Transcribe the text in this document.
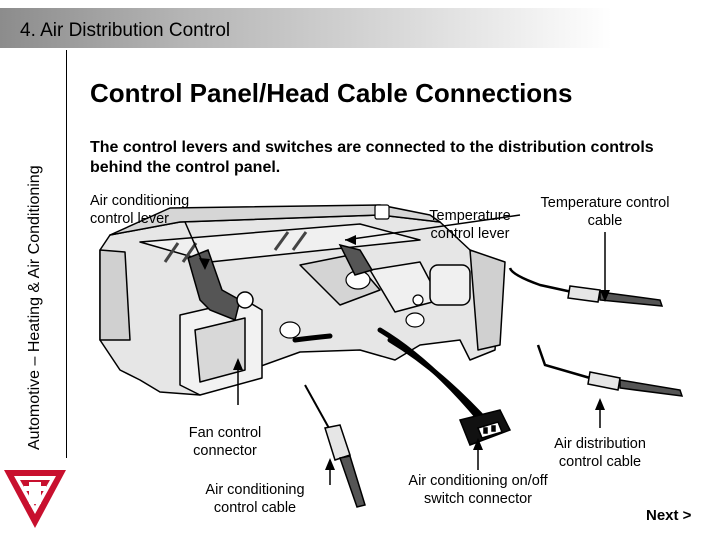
4. Air Distribution Control
Automotive – Heating & Air Conditioning
Control Panel/Head Cable Connections
The control levers and switches are connected to the distribution controls behind the control panel.
Air conditioning
control lever	Temperature
control lever
Temperature control
cable
Fan control
connector
Air conditioning
control cable
Air conditioning on/off
switch connector
Air distribution
control cable
Next >
